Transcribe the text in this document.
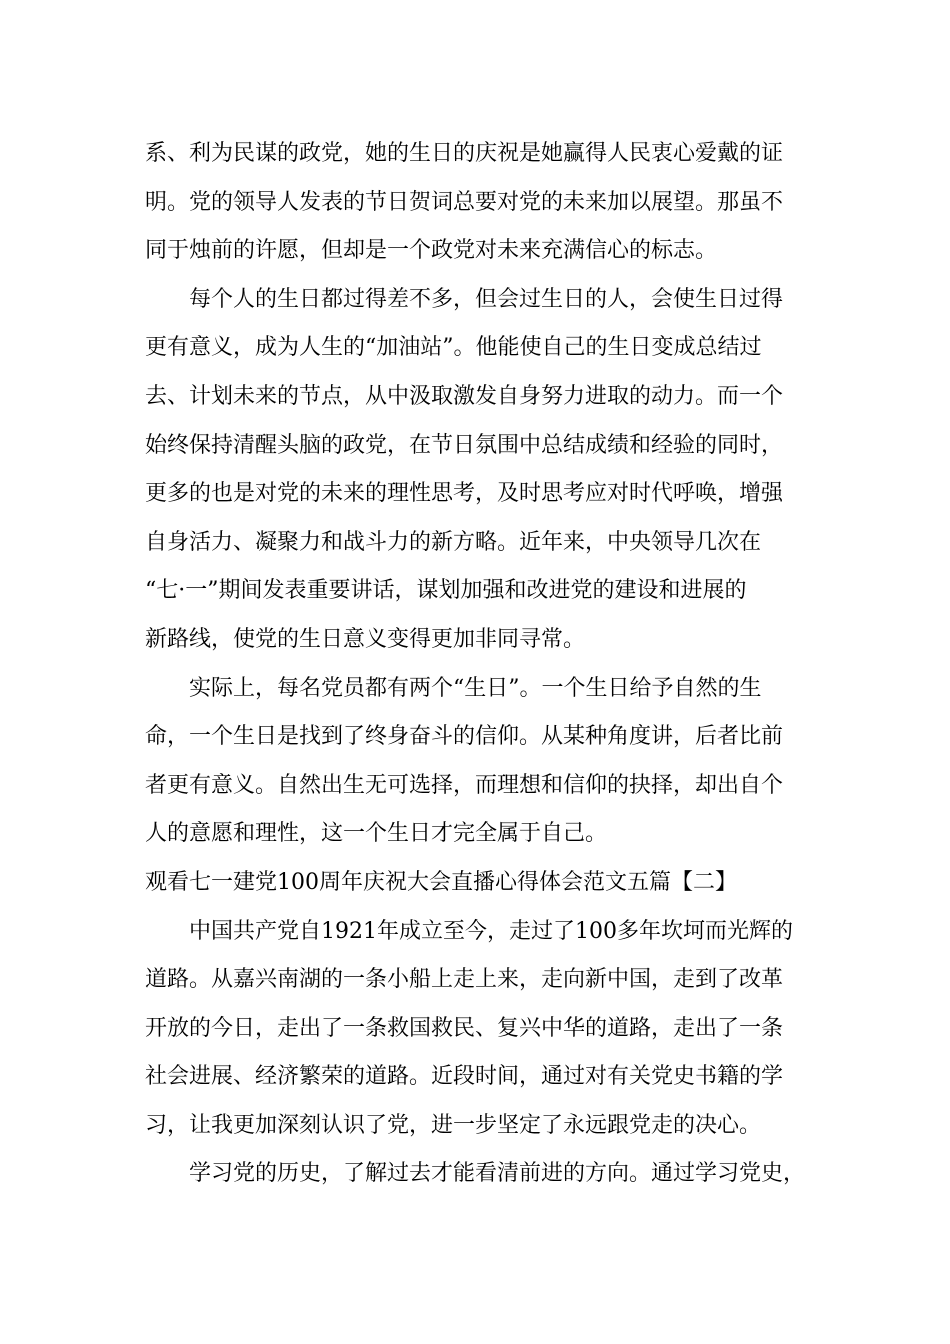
系、利为民谋的政党，她的生日的庆祝是她赢得人民衷心爱戴的证
明。党的领导人发表的节日贺词总要对党的未来加以展望。那虽不
同于烛前的许愿，但却是一个政党对未来充满信心的标志。
每个人的生日都过得差不多，但会过生日的人，会使生日过得
更有意义，成为人生的“加油站”。他能使自己的生日变成总结过
去、计划未来的节点，从中汲取激发自身努力进取的动力。而一个
始终保持清醒头脑的政党，在节日氛围中总结成绩和经验的同时，
更多的也是对党的未来的理性思考，及时思考应对时代呼唤，增强
自身活力、凝聚力和战斗力的新方略。近年来，中央领导几次在
“七·一”期间发表重要讲话，谋划加强和改进党的建设和进展的
新路线，使党的生日意义变得更加非同寻常。
实际上，每名党员都有两个“生日”。一个生日给予自然的生
命，一个生日是找到了终身奋斗的信仰。从某种角度讲，后者比前
者更有意义。自然出生无可选择，而理想和信仰的抉择，却出自个
人的意愿和理性，这一个生日才完全属于自己。
观看七一建党100周年庆祝大会直播心得体会范文五篇【二】
中国共产党自1921年成立至今，走过了100多年坎坷而光辉的
道路。从嘉兴南湖的一条小船上走上来，走向新中国，走到了改革
开放的今日，走出了一条救国救民、复兴中华的道路，走出了一条
社会进展、经济繁荣的道路。近段时间，通过对有关党史书籍的学
习，让我更加深刻认识了党，进一步坚定了永远跟党走的决心。
学习党的历史，了解过去才能看清前进的方向。通过学习党史，
